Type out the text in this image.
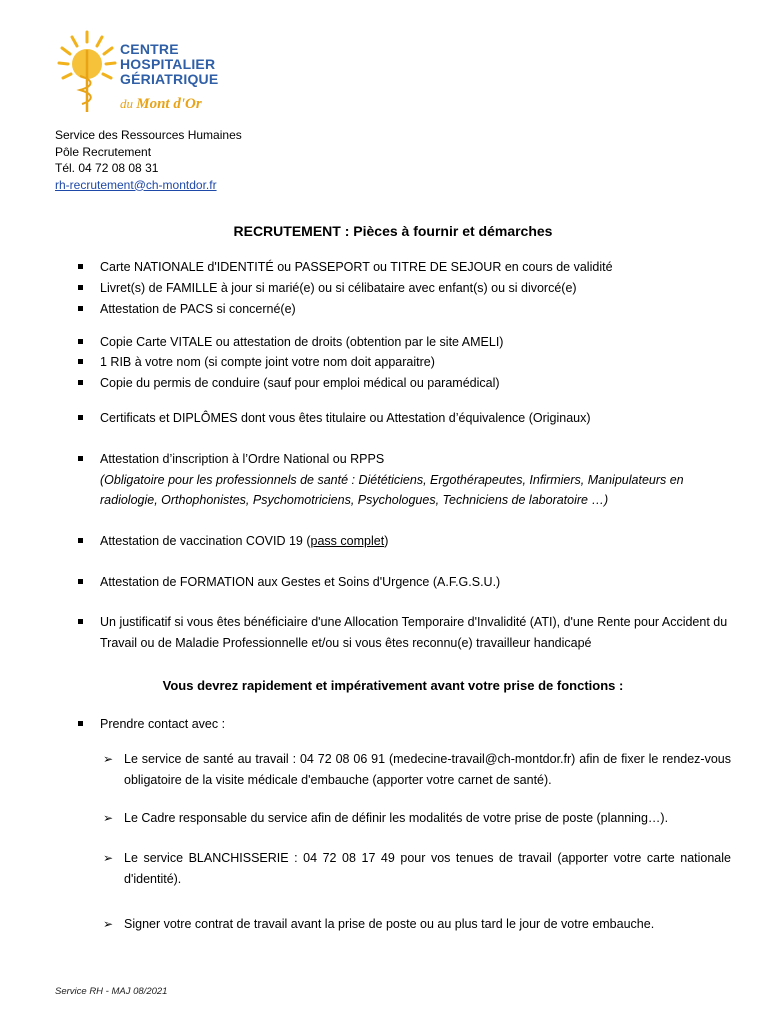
CENTRE
HOSPITALIER
GÉRIATRIQUE
du Mont d'Or
Service des Ressources Humaines
Pôle Recrutement
Tél. 04 72 08 08 31
rh-recrutement@ch-montdor.fr
RECRUTEMENT : Pièces à fournir et démarches
Carte NATIONALE d'IDENTITÉ ou PASSEPORT ou TITRE DE SEJOUR en cours de validité
Livret(s) de FAMILLE à jour si marié(e) ou si célibataire avec enfant(s) ou si divorcé(e)
Attestation de PACS si concerné(e)
Copie Carte VITALE ou attestation de droits (obtention par le site AMELI)
1 RIB à votre nom (si compte joint votre nom doit apparaitre)
Copie du permis de conduire (sauf pour emploi médical ou paramédical)
Certificats et DIPLÔMES dont vous êtes titulaire ou Attestation d’équivalence (Originaux)
Attestation d’inscription à l’Ordre National ou RPPS
(Obligatoire pour les professionnels de santé : Diététiciens, Ergothérapeutes, Infirmiers, Manipulateurs en radiologie, Orthophonistes, Psychomotriciens, Psychologues, Techniciens de laboratoire …)
Attestation de vaccination COVID 19 (pass complet)
Attestation de FORMATION aux Gestes et Soins d'Urgence (A.F.G.S.U.)
Un justificatif si vous êtes bénéficiaire d'une Allocation Temporaire d'Invalidité (ATI), d'une Rente pour Accident du Travail ou de Maladie Professionnelle et/ou si vous êtes reconnu(e) travailleur handicapé
Vous devrez rapidement et impérativement avant votre prise de fonctions :
Prendre contact avec :
➢ Le service de santé au travail : 04 72 08 06 91 (medecine-travail@ch-montdor.fr) afin de fixer le rendez-vous obligatoire de la visite médicale d'embauche (apporter votre carnet de santé).
➢ Le Cadre responsable du service afin de définir les modalités de votre prise de poste (planning…).
➢ Le service BLANCHISSERIE : 04 72 08 17 49 pour vos tenues de travail (apporter votre carte nationale d'identité).
➢ Signer votre contrat de travail avant la prise de poste ou au plus tard le jour de votre embauche.
Service RH - MAJ 08/2021
